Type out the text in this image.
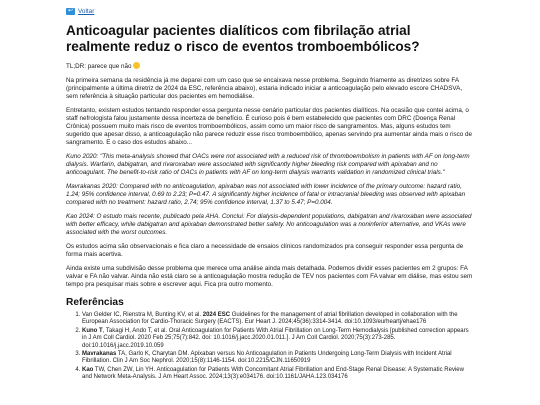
↩ Voltar
Anticoagular pacientes dialíticos com fibrilação atrial realmente reduz o risco de eventos tromboembólicos?

TL;DR: parece que não

Na primeira semana da residência já me deparei com um caso que se encaixava nesse problema. Seguindo friamente as diretrizes sobre FA (principalmente a última diretriz de 2024 da ESC, referência abaixo), estaria indicado iniciar a anticoagulação pelo elevado escore CHADSVA, sem referência à situação particular dos pacientes em hemodiálise.

Entretanto, existem estudos tentando responder essa pergunta nesse cenário particular dos pacientes dialíticos. Na ocasião que contei acima, o staff nefrologista falou justamente dessa incerteza de benefício. É curioso pois é bem estabelecido que pacientes com DRC (Doença Renal Crônica) possuem muito mais risco de eventos tromboembólicos, assim como um maior risco de sangramentos. Mas, alguns estudos tem sugerido que apesar disso, a anticoagulação não parece reduzir esse risco tromboembólico, apenas servindo pra aumentar ainda mais o risco de sangramento. E o caso dos estudos abaixo...

Kuno 2020: "This meta-analysis showed that OACs were not associated with a reduced risk of thromboembolism in patients with AF on long-term dialysis. Warfarin, dabigatran, and rivaroxaban were associated with significantly higher bleeding risk compared with apixaban and no anticoagulant. The benefit-to-risk ratio of OACs in patients with AF on long-term dialysis warrants validation in randomized clinical trials."

Mavrakanas 2020: Compared with no anticoagulation, apixaban was not associated with lower incidence of the primary outcome: hazard ratio, 1.24; 95% confidence interval, 0.69 to 2.23; P=0.47. A significantly higher incidence of fatal or intracranial bleeding was observed with apixaban compared with no treatment: hazard ratio, 2.74; 95% confidence interval, 1.37 to 5.47; P=0.004.

Kao 2024: O estudo mais recente, publicado pela AHA. Conclui: For dialysis-dependent populations, dabigatran and rivaroxaban were associated with better efficacy, while dabigatran and apixaban demonstrated better safety. No anticoagulation was a noninferior alternative, and VKAs were associated with the worst outcomes.

Os estudos acima são observacionais e fica claro a necessidade de ensaios clínicos randomizados pra conseguir responder essa pergunta de forma mais acertiva.

Ainda existe uma subdivisão desse problema que merece uma análise ainda mais detalhada. Podemos dividir esses pacientes em 2 grupos: FA valvar e FA não valvar. Ainda não está claro se a anticoagulação mostra redução de TEV nos pacientes com FA valvar em diálise, mas estou sem tempo pra pesquisar mais sobre e escrever aqui. Fica pra outro momento.

Referências
1. Van Gelder IC, Rienstra M, Bunting KV, et al. 2024 ESC Guidelines for the management of atrial fibrillation developed in collaboration with the European Association for Cardio-Thoracic Surgery (EACTS). Eur Heart J. 2024;45(36):3314-3414. doi:10.1093/eurheartj/ehae176
2. Kuno T, Takagi H, Ando T, et al. Oral Anticoagulation for Patients With Atrial Fibrillation on Long-Term Hemodialysis [published correction appears in J Am Coll Cardiol. 2020 Feb 25;75(7):842. doi: 10.1016/j.jacc.2020.01.011.]. J Am Coll Cardiol. 2020;75(3):273-285. doi:10.1016/j.jacc.2019.10.059
3. Mavrakanas TA, Garlo K, Charytan DM. Apixaban versus No Anticoagulation in Patients Undergoing Long-Term Dialysis with Incident Atrial Fibrillation. Clin J Am Soc Nephrol. 2020;15(8):1146-1154. doi:10.2215/CJN.11650919
4. Kao TW, Chen ZW, Lin YH. Anticoagulation for Patients With Concomitant Atrial Fibrillation and End-Stage Renal Disease: A Systematic Review and Network Meta-Analysis. J Am Heart Assoc. 2024;13(3):e034176. doi:10.1161/JAHA.123.034176
